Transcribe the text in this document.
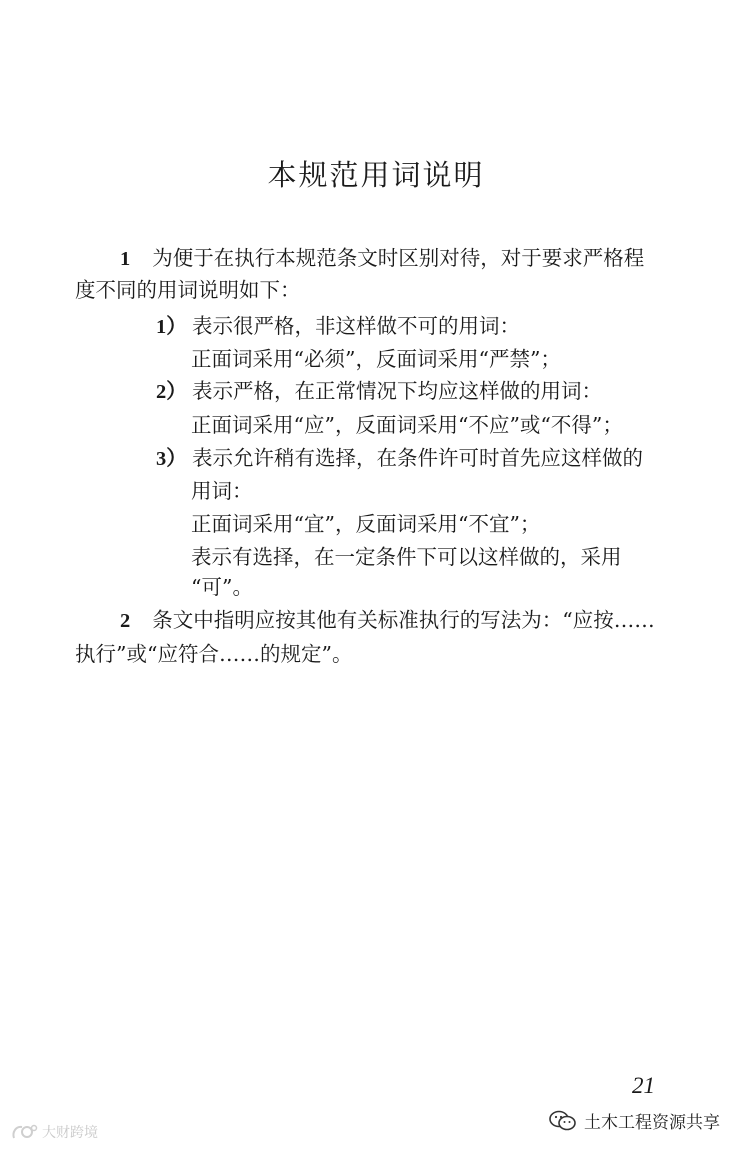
本规范用词说明
1 为便于在执行本规范条文时区别对待，对于要求严格程
度不同的用词说明如下：
1） 表示很严格，非这样做不可的用词：
正面词采用“必须”，反面词采用“严禁”；
2） 表示严格，在正常情况下均应这样做的用词：
正面词采用“应”，反面词采用“不应”或“不得”；
3） 表示允许稍有选择，在条件许可时首先应这样做的
用词：
正面词采用“宜”，反面词采用“不宜”；
表示有选择，在一定条件下可以这样做的，采用
“可”。
2 条文中指明应按其他有关标准执行的写法为：“应按……
执行”或“应符合……的规定”。
21
土木工程资源共享
大财跨境
